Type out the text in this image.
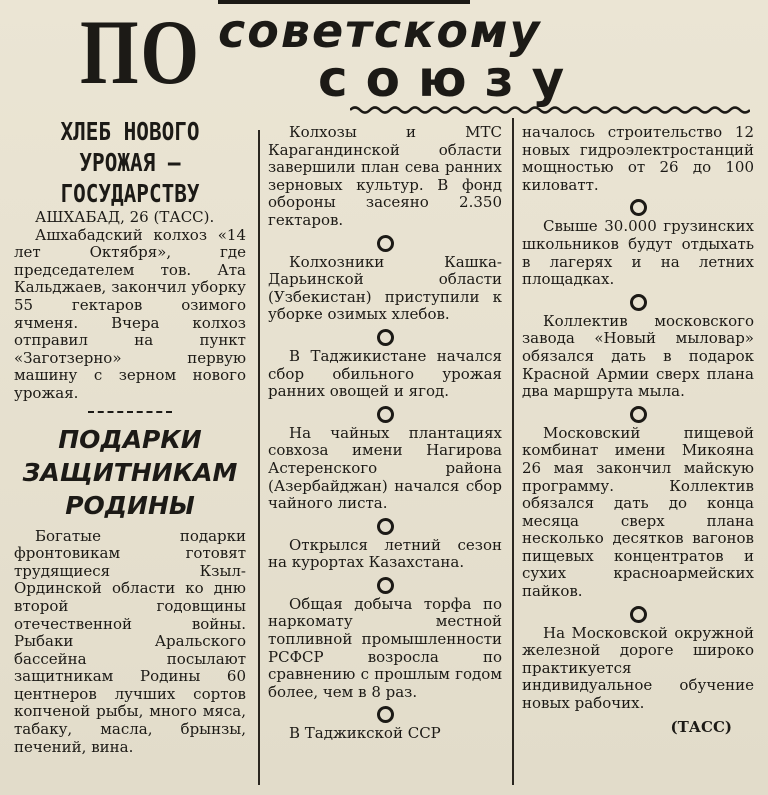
ПО советскому
союзу
ХЛЕБ НОВОГО
УРОЖАЯ —
ГОСУДАРСТВУ

АШХАБАД, 26 (ТАСС).

Ашхабадский колхоз «14 лет Октября», где председателем тов. Ата Кальджаев, закончил уборку 55 гектаров озимого ячменя. Вчера колхоз отправил на пункт «Заготзерно» первую машину с зерном нового урожая.

ПОДАРКИ
ЗАЩИТНИКАМ
РОДИНЫ

Богатые подарки фронтовикам готовят трудящиеся Кзыл-Ординской области ко дню второй годовщины отечественной войны. Рыбаки Аральского бассейна посылают защитникам Родины 60 центнеров лучших сортов копченой рыбы, много мяса, табаку, масла, брынзы, печений, вина.

Колхозы и МТС Карагандинской области завершили план сева ранних зерновых культур. В фонд обороны засеяно 2.350 гектаров.

Колхозники Кашка-Дарьинской области (Узбекистан) приступили к уборке озимых хлебов.

В Таджикистане начался сбор обильного урожая ранних овощей и ягод.

На чайных плантациях совхоза имени Нагирова Астеренского района (Азербайджан) начался сбор чайного листа.

Открылся летний сезон на курортах Казахстана.

Общая добыча торфа по наркомату местной топливной промышленности РСФСР возросла по сравнению с прошлым годом более, чем в 8 раз.

В Таджикской ССР

началось строительство 12 новых гидроэлектростанций мощностью от 26 до 100 киловатт.

Свыше 30.000 грузинских школьников будут отдыхать в лагерях и на летних площадках.

Коллектив московского завода «Новый мыловар» обязался дать в подарок Красной Армии сверх плана два маршрута мыла.

Московский пищевой комбинат имени Микояна 26 мая закончил майскую программу. Коллектив обязался дать до конца месяца сверх плана несколько десятков вагонов пищевых концентратов и сухих красноармейских пайков.

На Московской окружной железной дороге широко практикуется индивидуальное обучение новых рабочих.

(ТАСС)
